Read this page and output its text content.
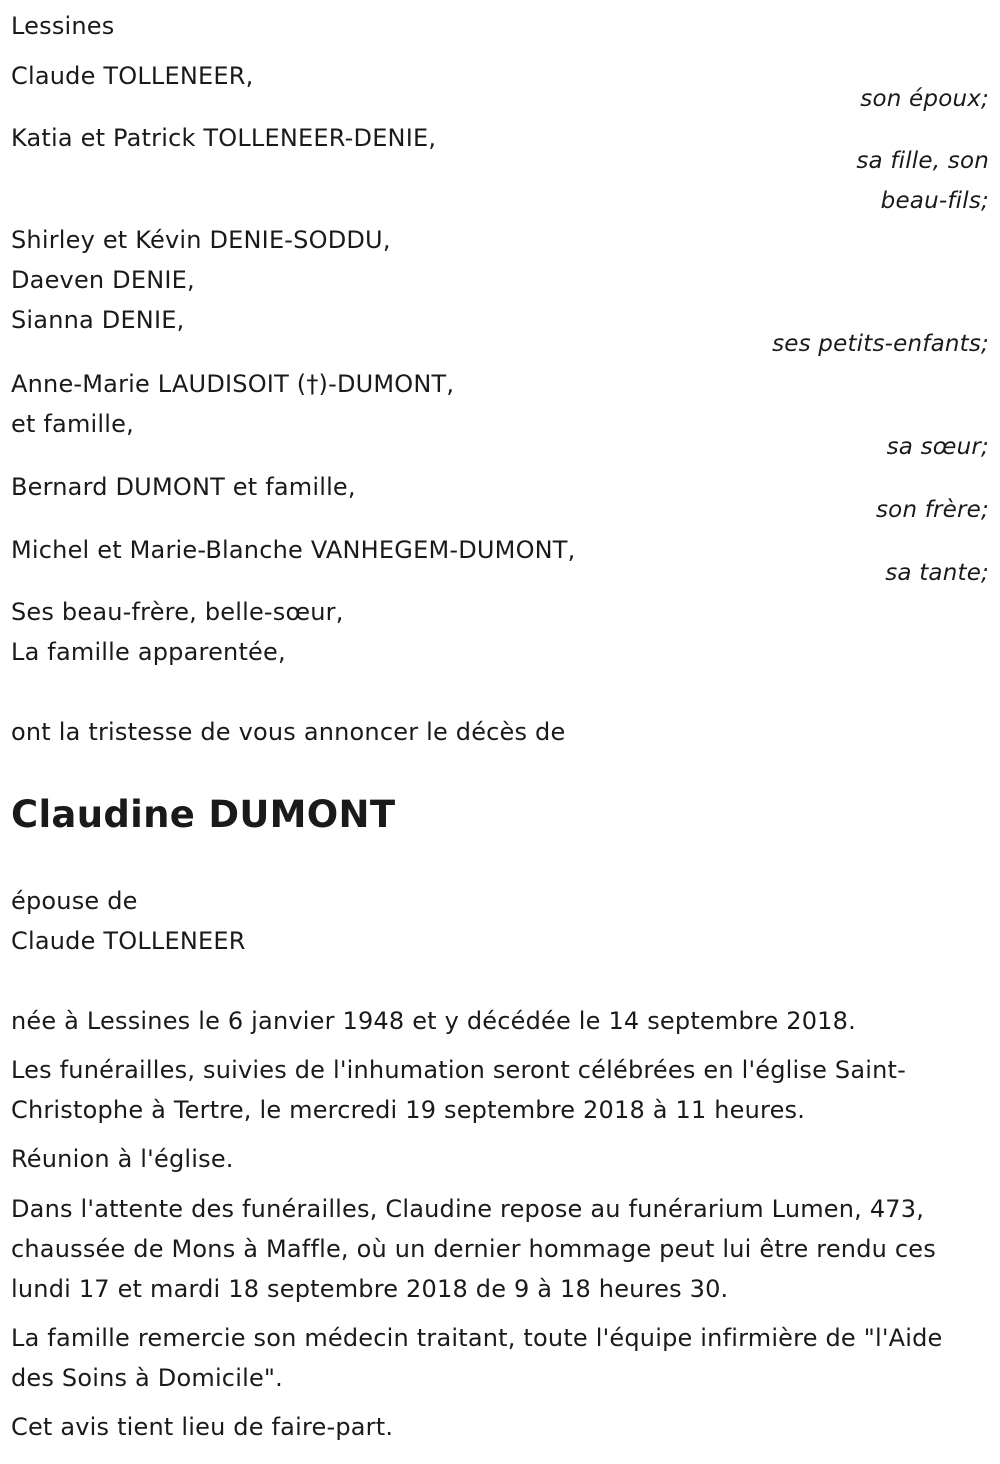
Lessines
Claude TOLLENEER,
son époux;
Katia et Patrick TOLLENEER-DENIE,
sa fille, son
beau-fils;
Shirley et Kévin DENIE-SODDU,
Daeven DENIE,
Sianna DENIE,
ses petits-enfants;
Anne-Marie LAUDISOIT (†)-DUMONT,
et famille,
sa sœur;
Bernard DUMONT et famille,
son frère;
Michel et Marie-Blanche VANHEGEM-DUMONT,
sa tante;
Ses beau-frère, belle-sœur,
La famille apparentée,
ont la tristesse de vous annoncer le décès de
Claudine DUMONT
épouse de
Claude TOLLENEER
née à Lessines le 6 janvier 1948 et y décédée le 14 septembre 2018.
Les funérailles, suivies de l'inhumation seront célébrées en l'église Saint-Christophe à Tertre, le mercredi 19 septembre 2018 à 11 heures.
Réunion à l'église.
Dans l'attente des funérailles, Claudine repose au funérarium Lumen, 473, chaussée de Mons à Maffle, où un dernier hommage peut lui être rendu ces lundi 17 et mardi 18 septembre 2018 de 9 à 18 heures 30.
La famille remercie son médecin traitant, toute l'équipe infirmière de "l'Aide des Soins à Domicile".
Cet avis tient lieu de faire-part.
